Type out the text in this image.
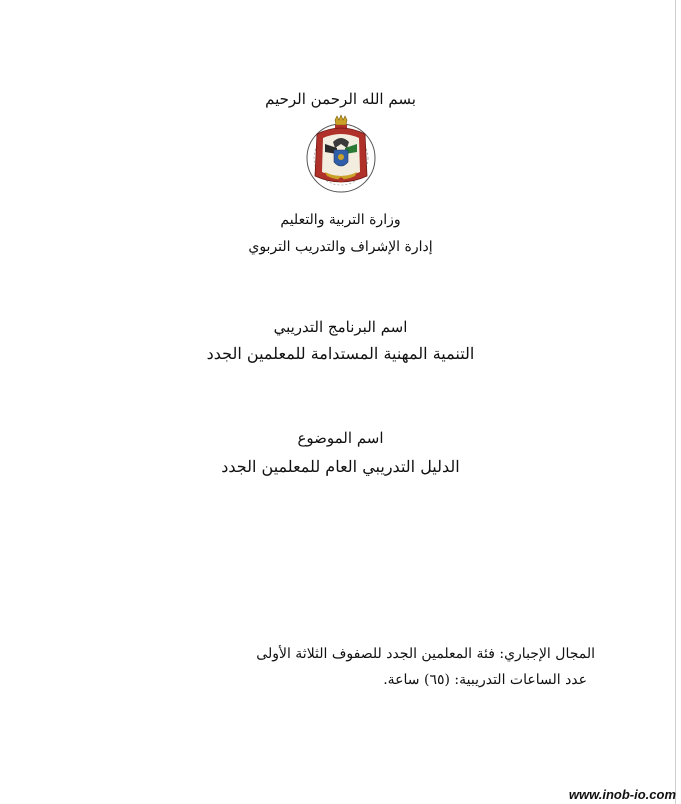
بسم الله الرحمن الرحيم
وزارة التربية والتعليم
إدارة الإشراف والتدريب التربوي
اسم البرنامج التدريبي
التنمية المهنية المستدامة للمعلمين الجدد
اسم الموضوع
الدليل التدريبي العام للمعلمين الجدد
المجال الإجباري: فئة المعلمين الجدد للصفوف الثلاثة الأولى
عدد الساعات التدريبية: (٦٥) ساعة.
www.inob-io.com
